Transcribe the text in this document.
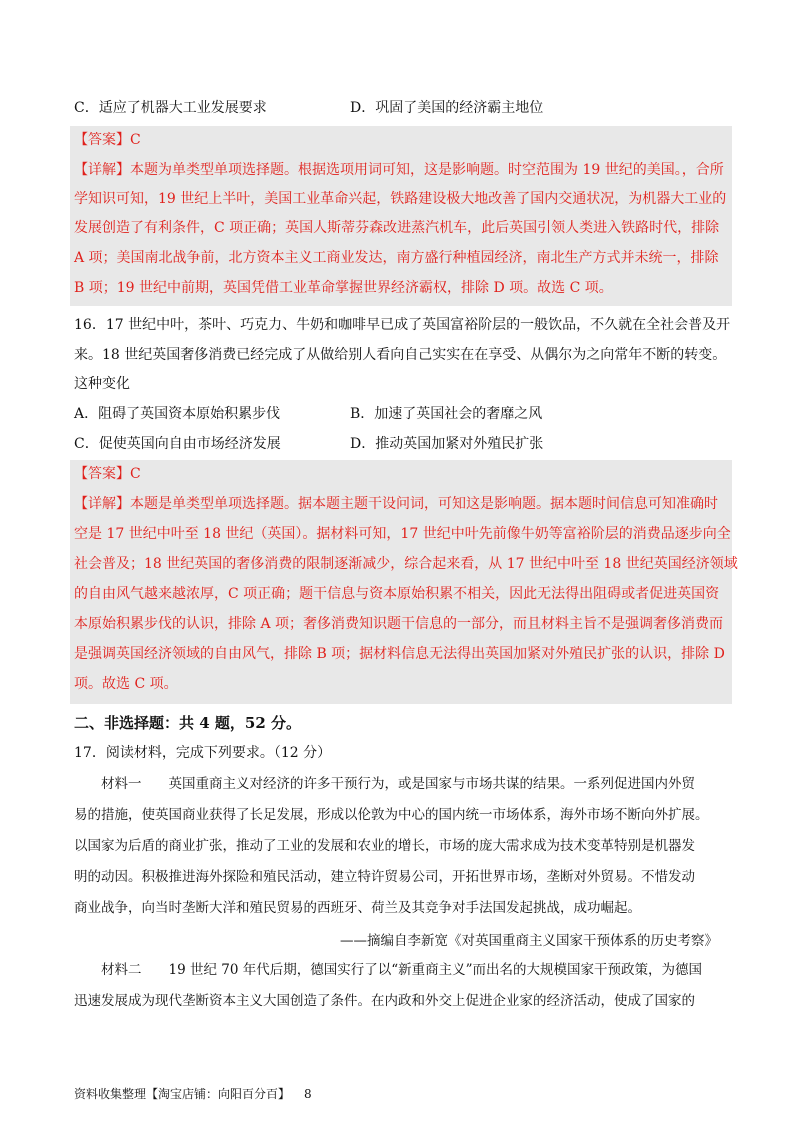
C．适应了机器大工业发展要求	D．巩固了美国的经济霸主地位
【答案】C
【详解】本题为单类型单项选择题。根据选项用词可知，这是影响题。时空范围为 19 世纪的美国。，合所
学知识可知，19 世纪上半叶，美国工业革命兴起，铁路建设极大地改善了国内交通状况，为机器大工业的
发展创造了有利条件，C 项正确；英国人斯蒂芬森改进蒸汽机车，此后英国引领人类进入铁路时代，排除
A 项；美国南北战争前，北方资本主义工商业发达，南方盛行种植园经济，南北生产方式并未统一，排除
B 项；19 世纪中前期，英国凭借工业革命掌握世界经济霸权，排除 D 项。故选 C 项。
16．17 世纪中叶，茶叶、巧克力、牛奶和咖啡早已成了英国富裕阶层的一般饮品，不久就在全社会普及开
来。18 世纪英国奢侈消费已经完成了从做给别人看向自己实实在在享受、从偶尔为之向常年不断的转变。
这种变化
A．阻碍了英国资本原始积累步伐	B．加速了英国社会的奢靡之风
C．促使英国向自由市场经济发展	D．推动英国加紧对外殖民扩张
【答案】C
【详解】本题是单类型单项选择题。据本题主题干设问词，可知这是影响题。据本题时间信息可知准确时
空是 17 世纪中叶至 18 世纪（英国）。据材料可知，17 世纪中叶先前像牛奶等富裕阶层的消费品逐步向全
社会普及；18 世纪英国的奢侈消费的限制逐渐减少，综合起来看，从 17 世纪中叶至 18 世纪英国经济领域
的自由风气越来越浓厚，C 项正确；题干信息与资本原始积累不相关，因此无法得出阻碍或者促进英国资
本原始积累步伐的认识，排除 A 项；奢侈消费知识题干信息的一部分，而且材料主旨不是强调奢侈消费而
是强调英国经济领域的自由风气，排除 B 项；据材料信息无法得出英国加紧对外殖民扩张的认识，排除 D
项。故选 C 项。
二、非选择题：共 4 题，52 分。
17．阅读材料，完成下列要求。（12 分）
　　材料一　　英国重商主义对经济的许多干预行为，或是国家与市场共谋的结果。一系列促进国内外贸
易的措施，使英国商业获得了长足发展，形成以伦敦为中心的国内统一市场体系，海外市场不断向外扩展。
以国家为后盾的商业扩张，推动了工业的发展和农业的增长，市场的庞大需求成为技术变革特别是机器发
明的动因。积极推进海外探险和殖民活动，建立特许贸易公司，开拓世界市场，垄断对外贸易。不惜发动
商业战争，向当时垄断大洋和殖民贸易的西班牙、荷兰及其竞争对手法国发起挑战，成功崛起。
——摘编自李新宽《对英国重商主义国家干预体系的历史考察》
　　材料二　　19 世纪 70 年代后期，德国实行了以“新重商主义”而出名的大规模国家干预政策，为德国
迅速发展成为现代垄断资本主义大国创造了条件。在内政和外交上促进企业家的经济活动，使成了国家的
资料收集整理【淘宝店铺：向阳百分百】 8
